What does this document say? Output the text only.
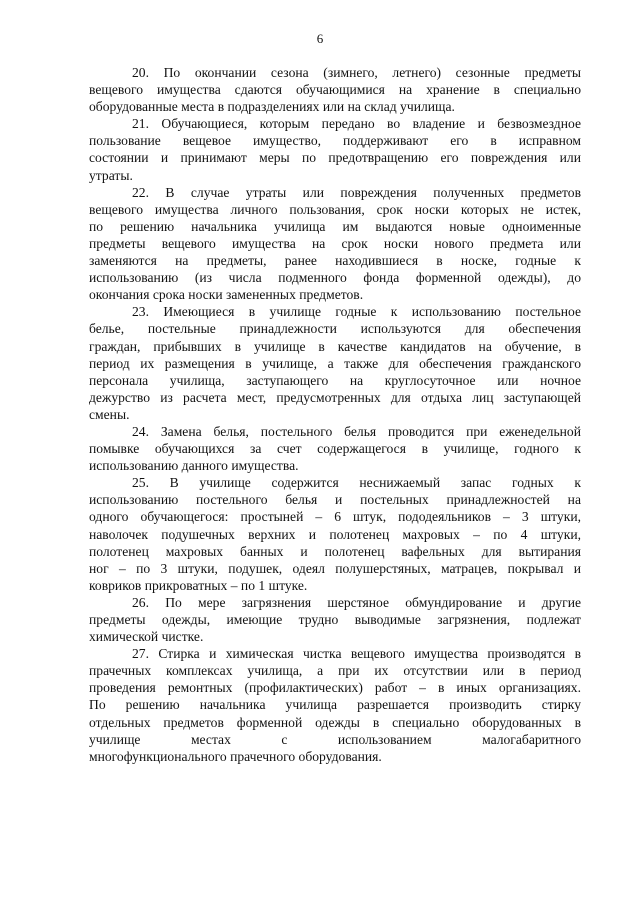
6
20. По окончании сезона (зимнего, летнего) сезонные предметы
вещевого имущества сдаются обучающимися на хранение в специально
оборудованные места в подразделениях или на склад училища.
21. Обучающиеся, которым передано во владение и безвозмездное
пользование вещевое имущество, поддерживают его в исправном
состоянии и принимают меры по предотвращению его повреждения или
утраты.
22. В случае утраты или повреждения полученных предметов
вещевого имущества личного пользования, срок носки которых не истек,
по решению начальника училища им выдаются новые одноименные
предметы вещевого имущества на срок носки нового предмета или
заменяются на предметы, ранее находившиеся в носке, годные к
использованию (из числа подменного фонда форменной одежды), до
окончания срока носки замененных предметов.
23. Имеющиеся в училище годные к использованию постельное
белье, постельные принадлежности используются для обеспечения
граждан, прибывших в училище в качестве кандидатов на обучение, в
период их размещения в училище, а также для обеспечения гражданского
персонала училища, заступающего на круглосуточное или ночное
дежурство из расчета мест, предусмотренных для отдыха лиц заступающей
смены.
24. Замена белья, постельного белья проводится при еженедельной
помывке обучающихся за счет содержащегося в училище, годного к
использованию данного имущества.
25. В училище содержится неснижаемый запас годных к
использованию постельного белья и постельных принадлежностей на
одного обучающегося: простыней – 6 штук, пододеяльников – 3 штуки,
наволочек подушечных верхних и полотенец махровых – по 4 штуки,
полотенец махровых банных и полотенец вафельных для вытирания
ног – по 3 штуки, подушек, одеял полушерстяных, матрацев, покрывал и
ковриков прикроватных – по 1 штуке.
26. По мере загрязнения шерстяное обмундирование и другие
предметы одежды, имеющие трудно выводимые загрязнения, подлежат
химической чистке.
27. Стирка и химическая чистка вещевого имущества производятся в
прачечных комплексах училища, а при их отсутствии или в период
проведения ремонтных (профилактических) работ – в иных организациях.
По решению начальника училища разрешается производить стирку
отдельных предметов форменной одежды в специально оборудованных в
училище местах с использованием малогабаритного
многофункционального прачечного оборудования.
